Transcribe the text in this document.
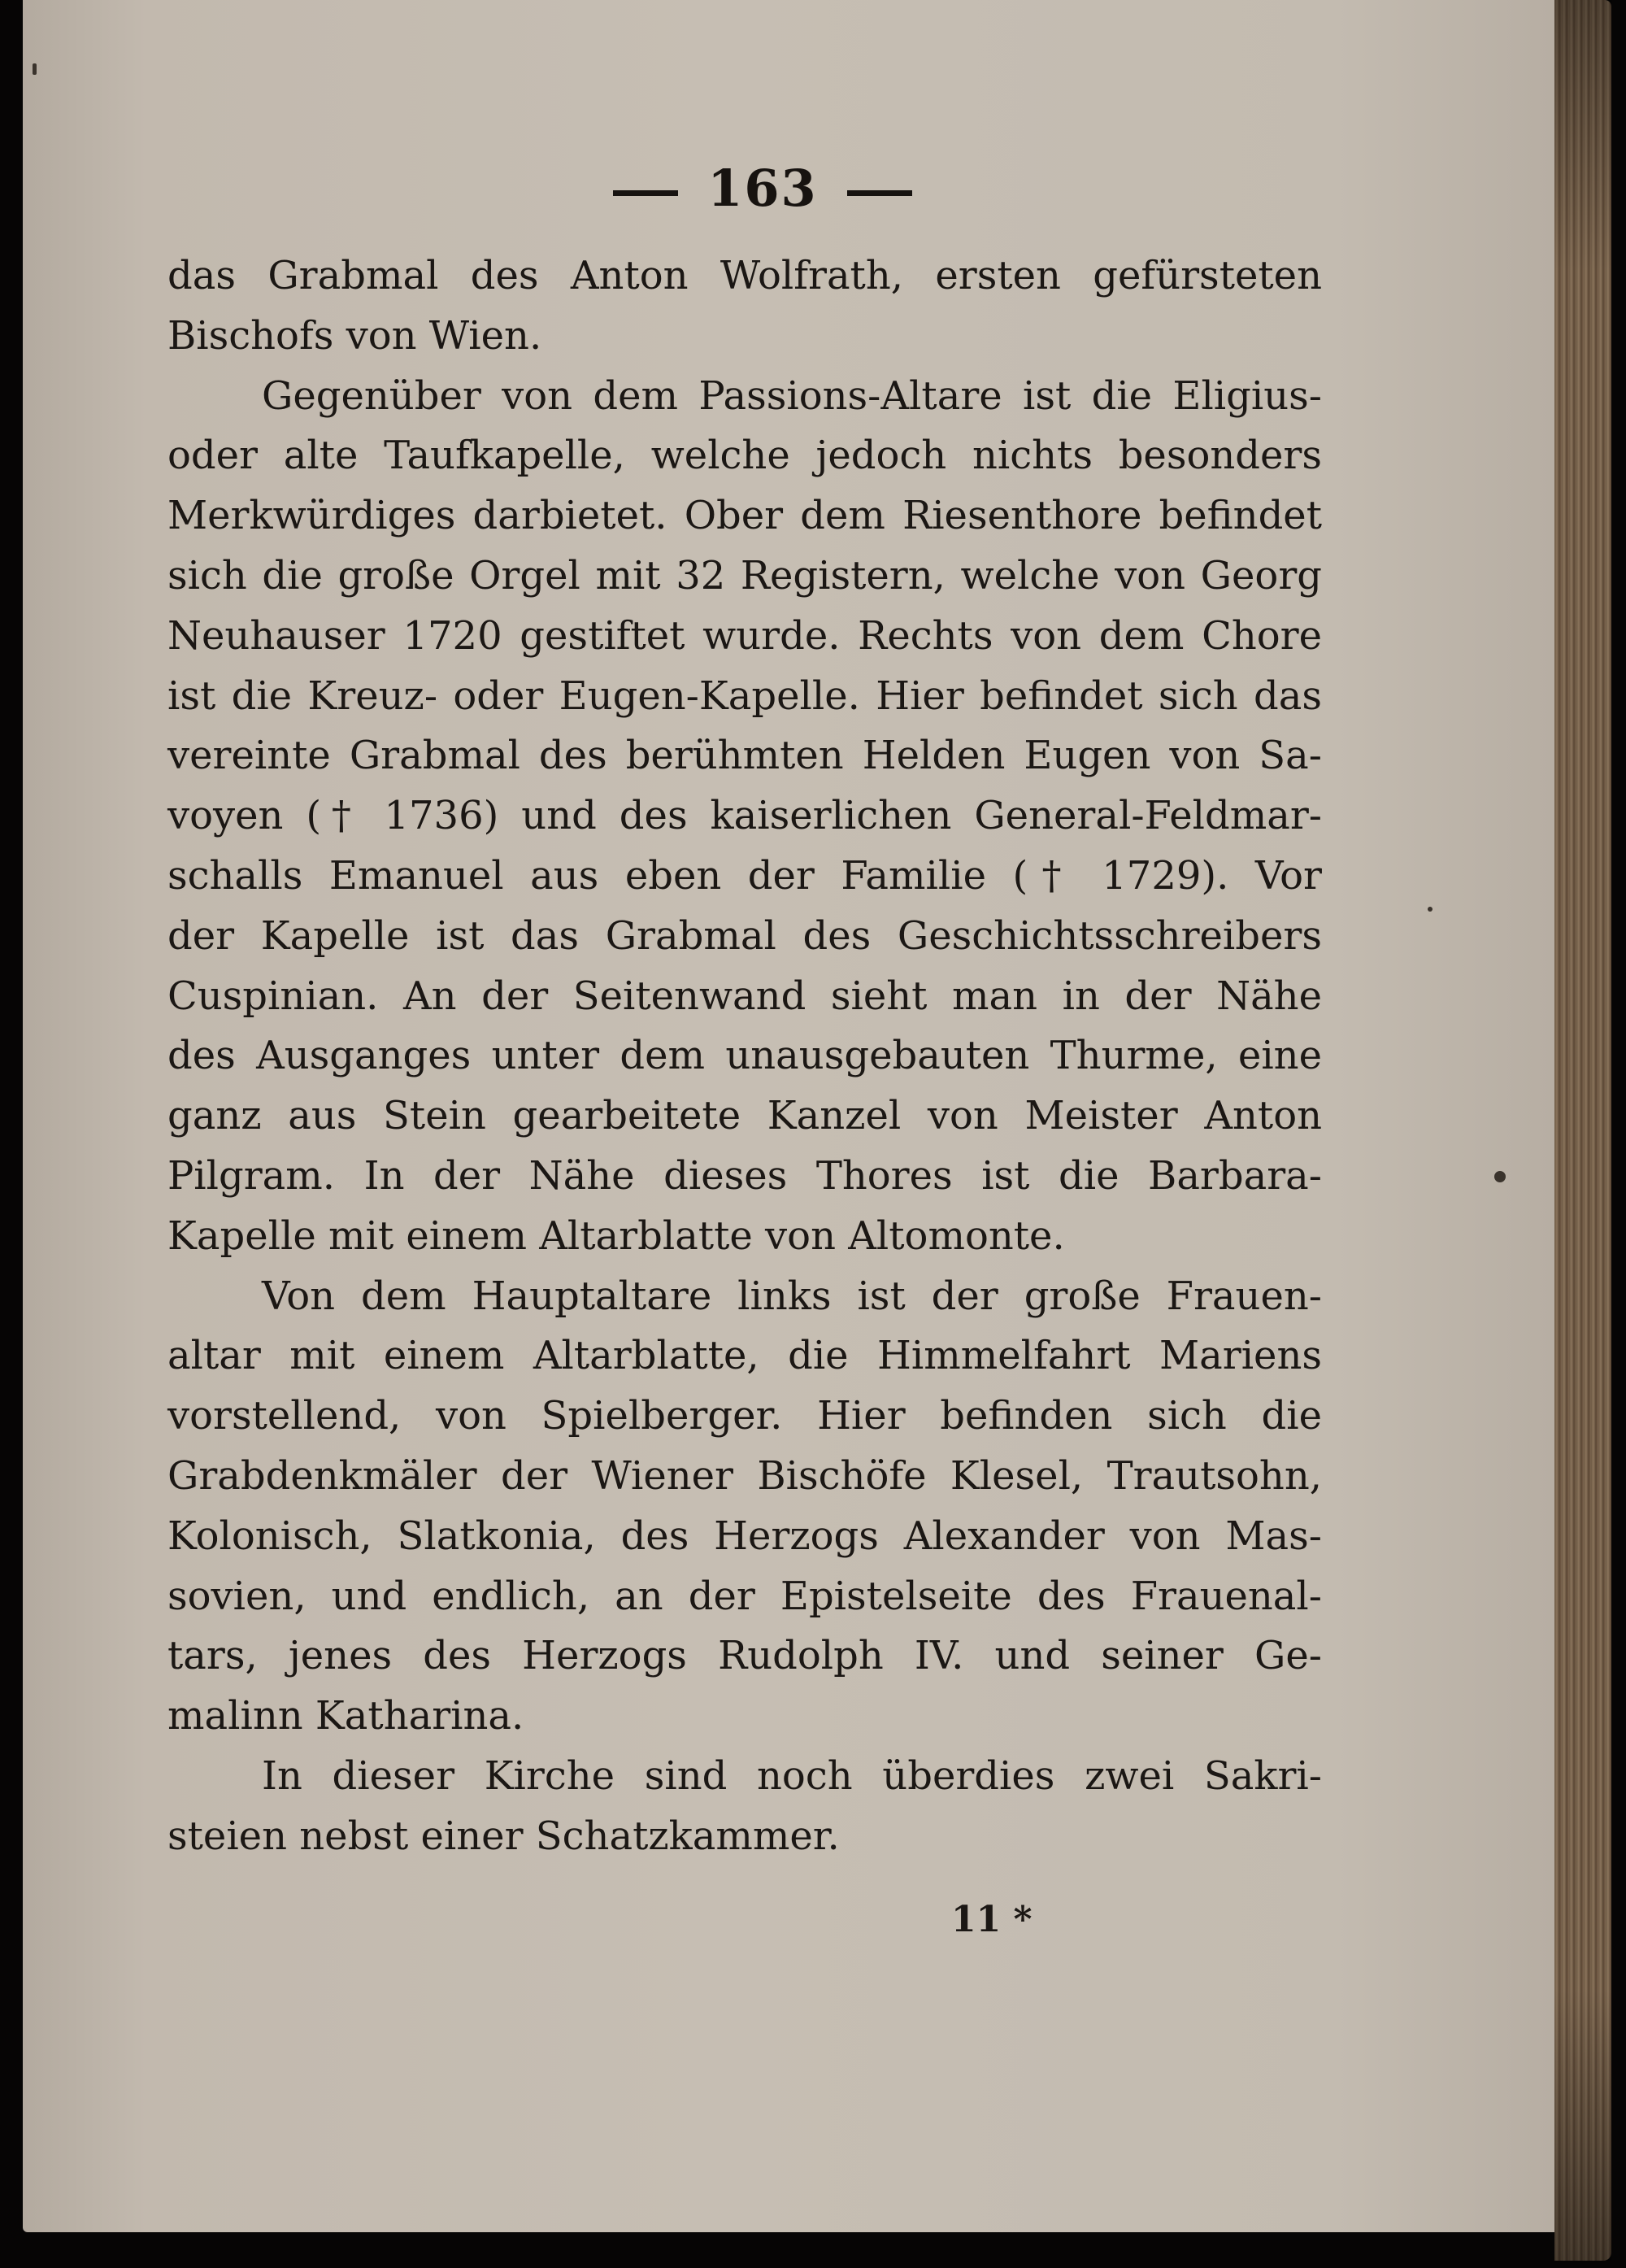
163
das Grabmal des Anton Wolfrath, ersten gefürsteten
Bischofs von Wien.
Gegenüber von dem Passions-Altare ist die Eligius-
oder alte Taufkapelle, welche jedoch nichts besonders
Merkwürdiges darbietet. Ober dem Riesenthore befindet
sich die große Orgel mit 32 Registern, welche von Georg
Neuhauser 1720 gestiftet wurde. Rechts von dem Chore
ist die Kreuz- oder Eugen-Kapelle. Hier befindet sich das
vereinte Grabmal des berühmten Helden Eugen von Sa-
voyen († 1736) und des kaiserlichen General-Feldmar-
schalls Emanuel aus eben der Familie († 1729). Vor
der Kapelle ist das Grabmal des Geschichtsschreibers
Cuspinian. An der Seitenwand sieht man in der Nähe
des Ausganges unter dem unausgebauten Thurme, eine
ganz aus Stein gearbeitete Kanzel von Meister Anton
Pilgram. In der Nähe dieses Thores ist die Barbara-
Kapelle mit einem Altarblatte von Altomonte.
Von dem Hauptaltare links ist der große Frauen-
altar mit einem Altarblatte, die Himmelfahrt Mariens
vorstellend, von Spielberger. Hier befinden sich die
Grabdenkmäler der Wiener Bischöfe Klesel, Trautsohn,
Kolonisch, Slatkonia, des Herzogs Alexander von Mas-
sovien, und endlich, an der Epistelseite des Frauenal-
tars, jenes des Herzogs Rudolph IV. und seiner Ge-
malinn Katharina.
In dieser Kirche sind noch überdies zwei Sakri-
steien nebst einer Schatzkammer.
11 *
